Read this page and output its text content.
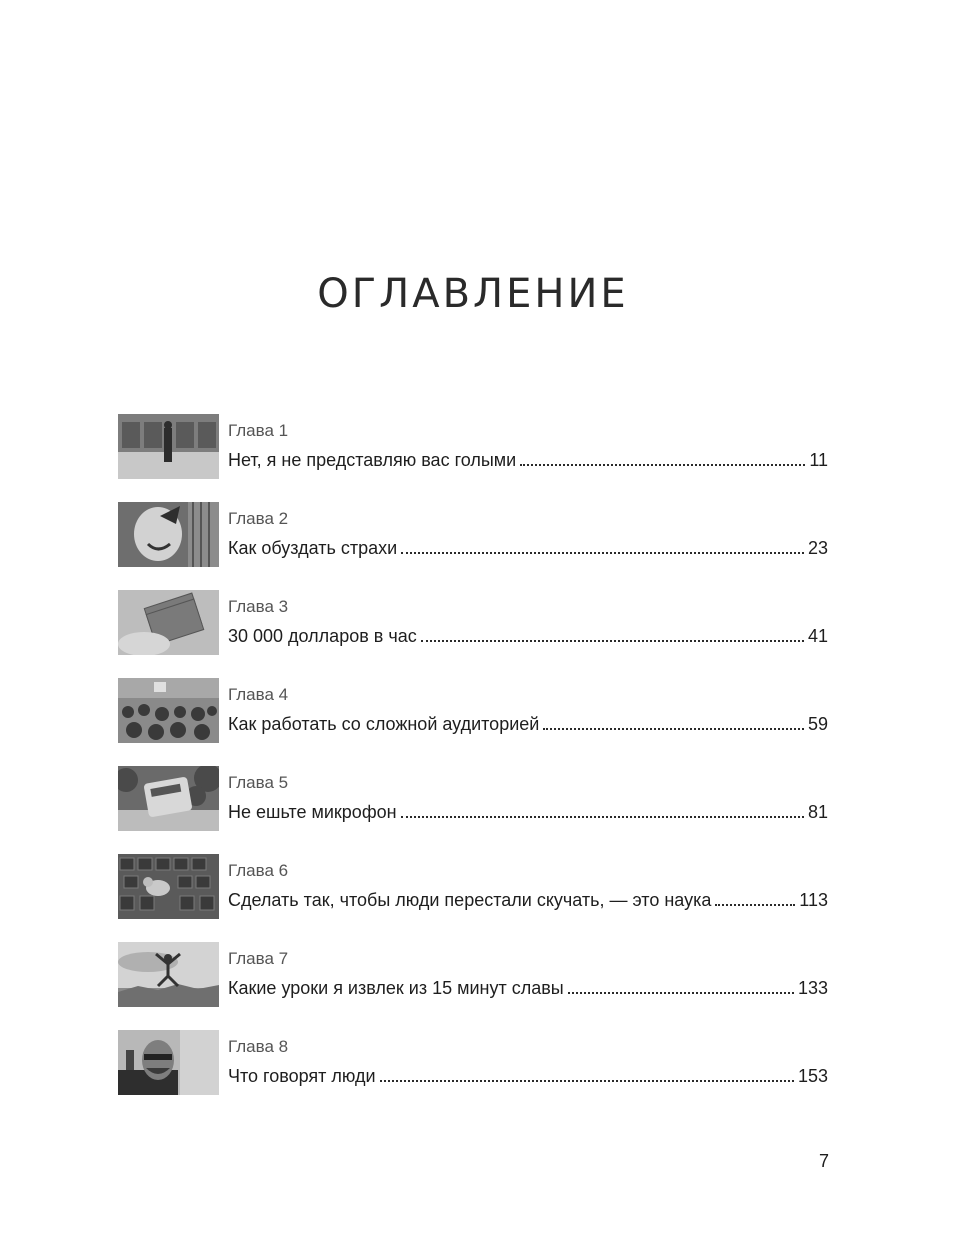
ОГЛАВЛЕНИЕ
Глава 1
Нет, я не представляю вас голыми	11
Глава 2
Как обуздать страхи	23
Глава 3
30 000 долларов в час	41
Глава 4
Как работать со сложной аудиторией	59
Глава 5
Не ешьте микрофон	81
Глава 6
Сделать так, чтобы люди перестали скучать, — это наука	113
Глава 7
Какие уроки я извлек из 15 минут славы	133
Глава 8
Что говорят люди	153
7
